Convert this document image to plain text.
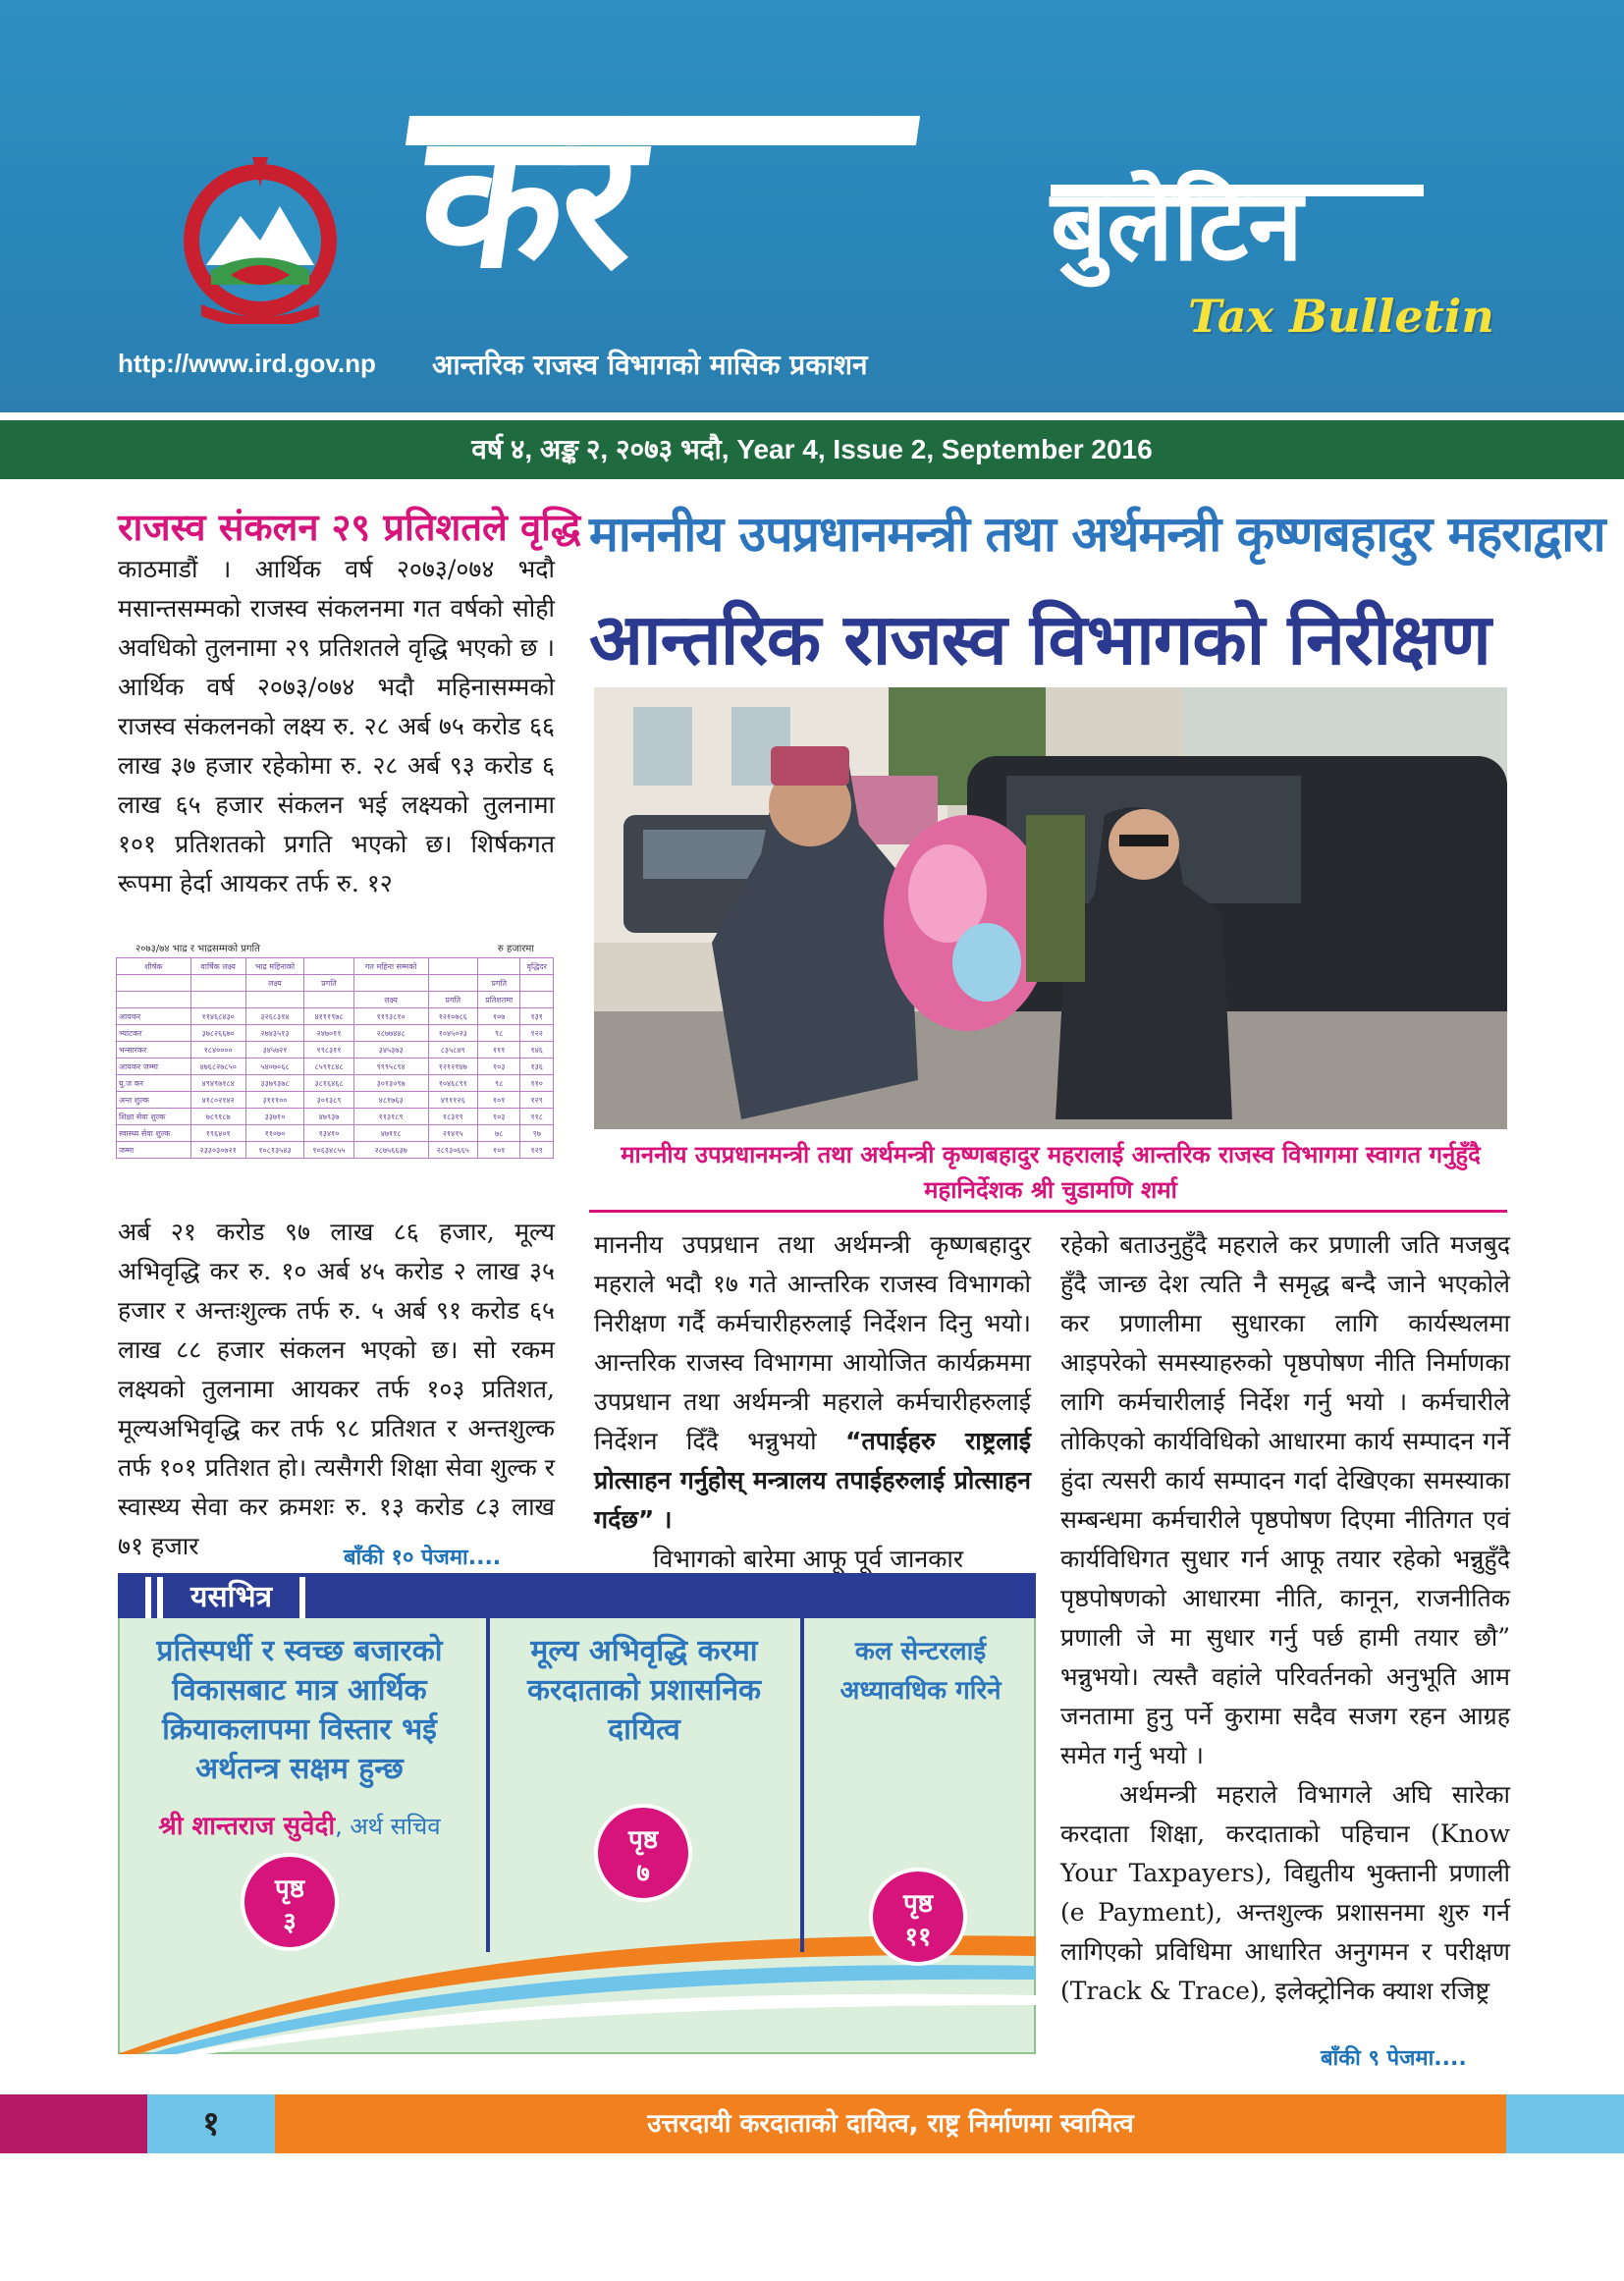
कर	बुलेटिन
Tax Bulletin
http://www.ird.gov.np आन्तरिक राजस्व विभागको मासिक प्रकाशन
वर्ष ४, अङ्क २, २०७३ भदौ, Year 4, Issue 2, September 2016
राजस्व संकलन २९ प्रतिशतले वृद्धि

काठमाडौं । आर्थिक वर्ष २०७३/०७४ भदौ मसान्तसम्मको राजस्व संकलनमा गत वर्षको सोही अवधिको तुलनामा २९ प्रतिशतले वृद्धि भएको छ । आर्थिक वर्ष २०७३/०७४ भदौ महिनासम्मको राजस्व संकलनको लक्ष्य रु. २८ अर्ब ७५ करोड ६६ लाख ३७ हजार रहेकोमा रु. २८ अर्ब ९३ करोड ६ लाख ६५ हजार संकलन भई लक्ष्यको तुलनामा १०१ प्रतिशतको प्रगति भएको छ। शिर्षकगत रूपमा हेर्दा आयकर तर्फ रु. १२

२०७३/७४ भाद्र र भाद्रसम्मको प्रगति	रु हजारमा
शीर्षक	वार्षिक लक्ष्य	भाद्र महिनाको		गत महिना सम्मको			वृद्धिदर
		लक्ष्य	प्रगति			प्रगति	
				लक्ष्य	प्रगति	प्रतिशतमा	
आयकर	११४६८४३०	३२६८३१४	४१११९७८	११९३८१०	१२१०७८६	१०७	१३१
भ्यांटकर	३७८२६६७०	२७४३५१३	२४७०११	२८७७४४८	१०४५०२३	९८	१२२
भन्सारकर	१८४००००	३४५७२१	१९८३११	३४५३७३	८३५८४९	१११	१४६
आयकर जम्मा	४७६८२७८५०	५४०७०६८	८५९१८४८	९९९५८९४	१२१२१४७	१०३	१३६
यु.ज कर	४९४९७१८४	३३७९३७८	३८१६४६८	३०१३०९७	१०४६८९१	९८	११०
अन्त शुल्क	४१८०२१४२	३१११००	३०१३८९	४८१७६३	४९११२६	१०१	१२९
शिक्षा सेवा शुल्क	७८९१८७	३३७१०	४७९३७	११३१८९	१८३१९	१०३	११८
स्वास्थ्य सेवा शुल्क	१९६४०१	११०७०	१३४१०	४७११८	२१४१५	७८	९७
जम्मा	२३३०३०७२१	१०८१३५४३	१०६३४८५५	२८७५६६३७	२८९३०६६५	१०१	१२९

अर्ब २१ करोड ९७ लाख ८६ हजार, मूल्य अभिवृद्धि कर रु. १० अर्ब ४५ करोड २ लाख ३५ हजार र अन्तःशुल्क तर्फ रु. ५ अर्ब ९१ करोड ६५ लाख ८८ हजार संकलन भएको छ। सो रकम लक्ष्यको तुलनामा आयकर तर्फ १०३ प्रतिशत, मूल्यअभिवृद्धि कर तर्फ ९८ प्रतिशत र अन्तशुल्क तर्फ १०१ प्रतिशत हो। त्यसैगरी शिक्षा सेवा शुल्क र स्वास्थ्य सेवा कर क्रमशः रु. १३ करोड ८३ लाख ७१ हजार	बाँकी १० पेजमा....
माननीय उपप्रधानमन्त्री तथा अर्थमन्त्री कृष्णबहादुर महराद्वारा
आन्तरिक राजस्व विभागको निरीक्षण
माननीय उपप्रधानमन्त्री तथा अर्थमन्त्री कृष्णबहादुर महरालाई आन्तरिक राजस्व विभागमा स्वागत गर्नुहुँदै महानिर्देशक श्री चुडामणि शर्मा
माननीय उपप्रधान तथा अर्थमन्त्री कृष्णबहादुर महराले भदौ १७ गते आन्तरिक राजस्व विभागको निरीक्षण गर्दै कर्मचारीहरुलाई निर्देशन दिनु भयो। आन्तरिक राजस्व विभागमा आयोजित कार्यक्रममा उपप्रधान तथा अर्थमन्त्री महराले कर्मचारीहरुलाई निर्देशन दिँदै भन्नुभयो “तपाईहरु राष्ट्रलाई प्रोत्साहन गर्नुहोस् मन्त्रालय तपाईहरुलाई प्रोत्साहन गर्दछ” ।
विभागको बारेमा आफू पूर्व जानकार
रहेको बताउनुहुँदै महराले कर प्रणाली जति मजबुद हुँदै जान्छ देश त्यति नै समृद्ध बन्दै जाने भएकोले कर प्रणालीमा सुधारका लागि कार्यस्थलमा आइपरेको समस्याहरुको पृष्ठपोषण नीति निर्माणका लागि कर्मचारीलाई निर्देश गर्नु भयो । कर्मचारीले तोकिएको कार्यविधिको आधारमा कार्य सम्पादन गर्ने हुंदा त्यसरी कार्य सम्पादन गर्दा देखिएका समस्याका सम्बन्धमा कर्मचारीले पृष्ठपोषण दिएमा नीतिगत एवं कार्यविधिगत सुधार गर्न आफू तयार रहेको भन्नुहुँदै पृष्ठपोषणको आधारमा नीति, कानून, राजनीतिक प्रणाली जे मा सुधार गर्नु पर्छ हामी तयार छौ” भन्नुभयो। त्यस्तै वहांले परिवर्तनको अनुभूति आम जनतामा हुनु पर्ने कुरामा सदैव सजग रहन आग्रह समेत गर्नु भयो ।
अर्थमन्त्री महराले विभागले अघि सारेका करदाता शिक्षा, करदाताको पहिचान (Know Your Taxpayers), विद्युतीय भुक्तानी प्रणाली (e Payment), अन्तशुल्क प्रशासनमा शुरु गर्न लागिएको प्रविधिमा आधारित अनुगमन र परीक्षण (Track & Trace), इलेक्ट्रोनिक क्याश रजिष्ट्र
बाँकी ९ पेजमा....
यसभित्र
प्रतिस्पर्धी र स्वच्छ बजारको विकासबाट मात्र आर्थिक क्रियाकलापमा विस्तार भई अर्थतन्त्र सक्षम हुन्छ
श्री शान्तराज सुवेदी, अर्थ सचिव
पृष्ठ
३
मूल्य अभिवृद्धि करमा करदाताको प्रशासनिक दायित्व
पृष्ठ
७
कल सेन्टरलाई अध्यावधिक गरिने
पृष्ठ
११
१	उत्तरदायी करदाताको दायित्व, राष्ट्र निर्माणमा स्वामित्व
